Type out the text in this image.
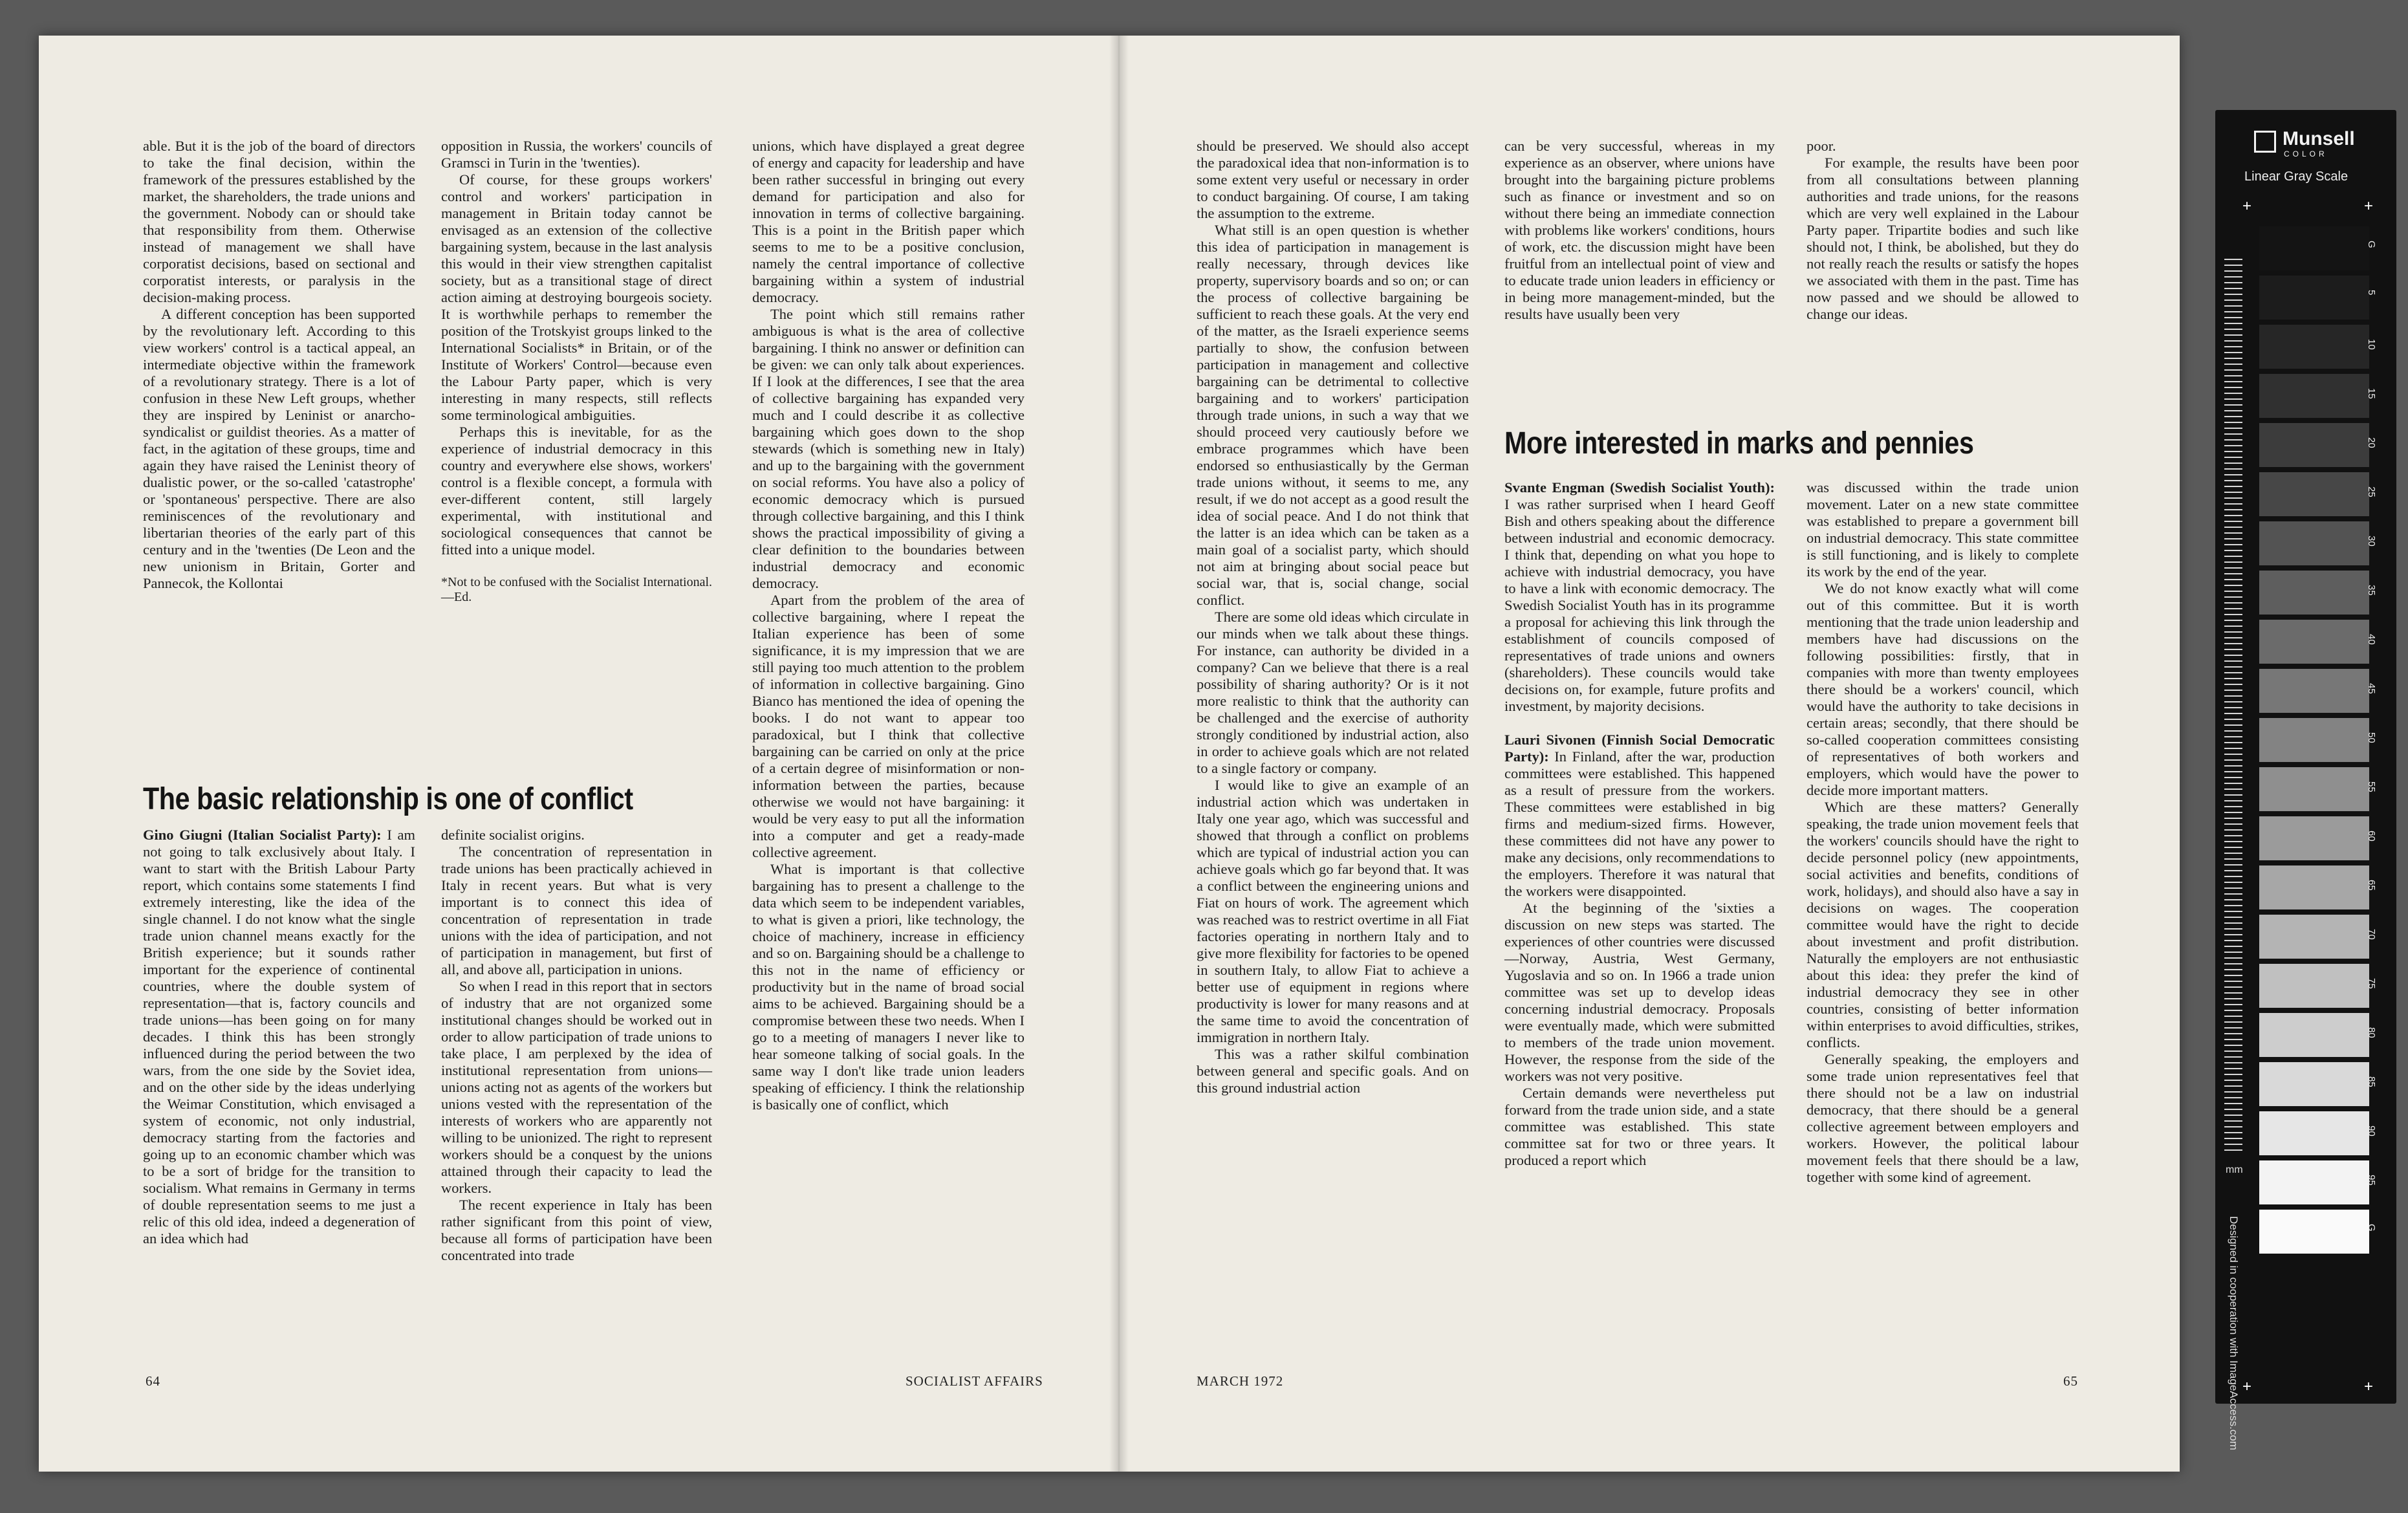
able. But it is the job of the board of directors to take the final decision, within the framework of the pressures established by the market, the shareholders, the trade unions and the government. Nobody can or should take that responsibility from them. Otherwise instead of management we shall have corporatist decisions, based on sectional and corporatist interests, or paralysis in the decision-making process.

A different conception has been supported by the revolutionary left. According to this view workers' control is a tactical appeal, an intermediate objective within the framework of a revolutionary strategy. There is a lot of confusion in these New Left groups, whether they are inspired by Leninist or anarcho-syndicalist or guildist theories. As a matter of fact, in the agitation of these groups, time and again they have raised the Leninist theory of dualistic power, or the so-called 'catastrophe' or 'spontaneous' perspective. There are also reminiscences of the revolutionary and libertarian theories of the early part of this century and in the 'twenties (De Leon and the new unionism in Britain, Gorter and Pannecok, the Kollontai

opposition in Russia, the workers' councils of Gramsci in Turin in the 'twenties).

Of course, for these groups workers' control and workers' participation in management in Britain today cannot be envisaged as an extension of the collective bargaining system, because in the last analysis this would in their view strengthen capitalist society, but as a transitional stage of direct action aiming at destroying bourgeois society. It is worthwhile perhaps to remember the position of the Trotskyist groups linked to the International Socialists* in Britain, or of the Institute of Workers' Control—because even the Labour Party paper, which is very interesting in many respects, still reflects some terminological ambiguities.

Perhaps this is inevitable, for as the experience of industrial democracy in this country and everywhere else shows, workers' control is a flexible concept, a formula with ever-different content, still largely experimental, with institutional and sociological consequences that cannot be fitted into a unique model.

*Not to be confused with the Socialist International.—Ed.

The basic relationship is one of conflict

Gino Giugni (Italian Socialist Party): I am not going to talk exclusively about Italy. I want to start with the British Labour Party report, which contains some statements I find extremely interesting, like the idea of the single channel. I do not know what the single trade union channel means exactly for the British experience; but it sounds rather important for the experience of continental countries, where the double system of representation—that is, factory councils and trade unions—has been going on for many decades. I think this has been strongly influenced during the period between the two wars, from the one side by the Soviet idea, and on the other side by the ideas underlying the Weimar Constitution, which envisaged a system of economic, not only industrial, democracy starting from the factories and going up to an economic chamber which was to be a sort of bridge for the transition to socialism. What remains in Germany in terms of double representation seems to me just a relic of this old idea, indeed a degeneration of an idea which had

definite socialist origins.

The concentration of representation in trade unions has been practically achieved in Italy in recent years. But what is very important is to connect this idea of concentration of representation in trade unions with the idea of participation, and not of participation in management, but first of all, and above all, participation in unions.

So when I read in this report that in sectors of industry that are not organized some institutional changes should be worked out in order to allow participation of trade unions to take place, I am perplexed by the idea of institutional representation from unions—unions acting not as agents of the workers but unions vested with the representation of the interests of workers who are apparently not willing to be unionized. The right to represent workers should be a conquest by the unions attained through their capacity to lead the workers.

The recent experience in Italy has been rather significant from this point of view, because all forms of participation have been concentrated into trade

unions, which have displayed a great degree of energy and capacity for leadership and have been rather successful in bringing out every demand for participation and also for innovation in terms of collective bargaining. This is a point in the British paper which seems to me to be a positive conclusion, namely the central importance of collective bargaining within a system of industrial democracy.

The point which still remains rather ambiguous is what is the area of collective bargaining. I think no answer or definition can be given: we can only talk about experiences. If I look at the differences, I see that the area of collective bargaining has expanded very much and I could describe it as collective bargaining which goes down to the shop stewards (which is something new in Italy) and up to the bargaining with the government on social reforms. You have also a policy of economic democracy which is pursued through collective bargaining, and this I think shows the practical impossibility of giving a clear definition to the boundaries between industrial democracy and economic democracy.

Apart from the problem of the area of collective bargaining, where I repeat the Italian experience has been of some significance, it is my impression that we are still paying too much attention to the problem of information in collective bargaining. Gino Bianco has mentioned the idea of opening the books. I do not want to appear too paradoxical, but I think that collective bargaining can be carried on only at the price of a certain degree of misinformation or non-information between the parties, because otherwise we would not have bargaining: it would be very easy to put all the information into a computer and get a ready-made collective agreement.

What is important is that collective bargaining has to present a challenge to the data which seem to be independent variables, to what is given a priori, like technology, the choice of machinery, increase in efficiency and so on. Bargaining should be a challenge to this not in the name of efficiency or productivity but in the name of broad social aims to be achieved. Bargaining should be a compromise between these two needs. When I go to a meeting of managers I never like to hear someone talking of social goals. In the same way I don't like trade union leaders speaking of efficiency. I think the relationship is basically one of conflict, which

should be preserved. We should also accept the paradoxical idea that non-information is to some extent very useful or necessary in order to conduct bargaining. Of course, I am taking the assumption to the extreme.

What still is an open question is whether this idea of participation in management is really necessary, through devices like property, supervisory boards and so on; or can the process of collective bargaining be sufficient to reach these goals. At the very end of the matter, as the Israeli experience seems partially to show, the confusion between participation in management and collective bargaining can be detrimental to collective bargaining and to workers' participation through trade unions, in such a way that we should proceed very cautiously before we embrace programmes which have been endorsed so enthusiastically by the German trade unions without, it seems to me, any result, if we do not accept as a good result the idea of social peace. And I do not think that the latter is an idea which can be taken as a main goal of a socialist party, which should not aim at bringing about social peace but social war, that is, social change, social conflict.

There are some old ideas which circulate in our minds when we talk about these things. For instance, can authority be divided in a company? Can we believe that there is a real possibility of sharing authority? Or is it not more realistic to think that the authority can be challenged and the exercise of authority strongly conditioned by industrial action, also in order to achieve goals which are not related to a single factory or company.

I would like to give an example of an industrial action which was undertaken in Italy one year ago, which was successful and showed that through a conflict on problems which are typical of industrial action you can achieve goals which go far beyond that. It was a conflict between the engineering unions and Fiat on hours of work. The agreement which was reached was to restrict overtime in all Fiat factories operating in northern Italy and to give more flexibility for factories to be opened in southern Italy, to allow Fiat to achieve a better use of equipment in regions where productivity is lower for many reasons and at the same time to avoid the concentration of immigration in northern Italy.

This was a rather skilful combination between general and specific goals. And on this ground industrial action

can be very successful, whereas in my experience as an observer, where unions have brought into the bargaining picture problems such as finance or investment and so on without there being an immediate connection with problems like workers' conditions, hours of work, etc. the discussion might have been fruitful from an intellectual point of view and to educate trade union leaders in efficiency or in being more management-minded, but the results have usually been very

poor.

For example, the results have been poor from all consultations between planning authorities and trade unions, for the reasons which are very well explained in the Labour Party paper. Tripartite bodies and such like should not, I think, be abolished, but they do not really reach the results or satisfy the hopes we associated with them in the past. Time has now passed and we should be allowed to change our ideas.

More interested in marks and pennies

Svante Engman (Swedish Socialist Youth): I was rather surprised when I heard Geoff Bish and others speaking about the difference between industrial and economic democracy. I think that, depending on what you hope to achieve with industrial democracy, you have to have a link with economic democracy. The Swedish Socialist Youth has in its programme a proposal for achieving this link through the establishment of councils composed of representatives of trade unions and owners (shareholders). These councils would take decisions on, for example, future profits and investment, by majority decisions.

Lauri Sivonen (Finnish Social Democratic Party): In Finland, after the war, production committees were established. This happened as a result of pressure from the workers. These committees were established in big firms and medium-sized firms. However, these committees did not have any power to make any decisions, only recommendations to the employers. Therefore it was natural that the workers were disappointed.

At the beginning of the 'sixties a discussion on new steps was started. The experiences of other countries were discussed—Norway, Austria, West Germany, Yugoslavia and so on. In 1966 a trade union committee was set up to develop ideas concerning industrial democracy. Proposals were eventually made, which were submitted to members of the trade union movement. However, the response from the side of the workers was not very positive.

Certain demands were nevertheless put forward from the trade union side, and a state committee was established. This state committee sat for two or three years. It produced a report which

was discussed within the trade union movement. Later on a new state committee was established to prepare a government bill on industrial democracy. This state committee is still functioning, and is likely to complete its work by the end of the year.

We do not know exactly what will come out of this committee. But it is worth mentioning that the trade union leadership and members have had discussions on the following possibilities: firstly, that in companies with more than twenty employees there should be a workers' council, which would have the authority to take decisions in certain areas; secondly, that there should be so-called cooperation committees consisting of representatives of both workers and employers, which would have the power to decide more important matters.

Which are these matters? Generally speaking, the trade union movement feels that the workers' councils should have the right to decide personnel policy (new appointments, social activities and benefits, conditions of work, holidays), and should also have a say in decisions on wages. The cooperation committee would have the right to decide about investment and profit distribution. Naturally the employers are not enthusiastic about this idea: they prefer the kind of industrial democracy they see in other countries, consisting of better information within enterprises to avoid difficulties, strikes, conflicts.

Generally speaking, the employers and some trade union representatives feel that there should not be a law on industrial democracy, that there should be a general collective agreement between employers and workers. However, the political labour movement feels that there should be a law, together with some kind of agreement.

64	SOCIALIST AFFAIRS	MARCH 1972	65
Munsell
COLOR
Linear Gray Scale
+	+
mm
Designed in cooperation with ImageAccess.com +	+
G
5
10
15
20
25
30
35
40
45
50
55
60
65
70
75
80
85
90
95
G
